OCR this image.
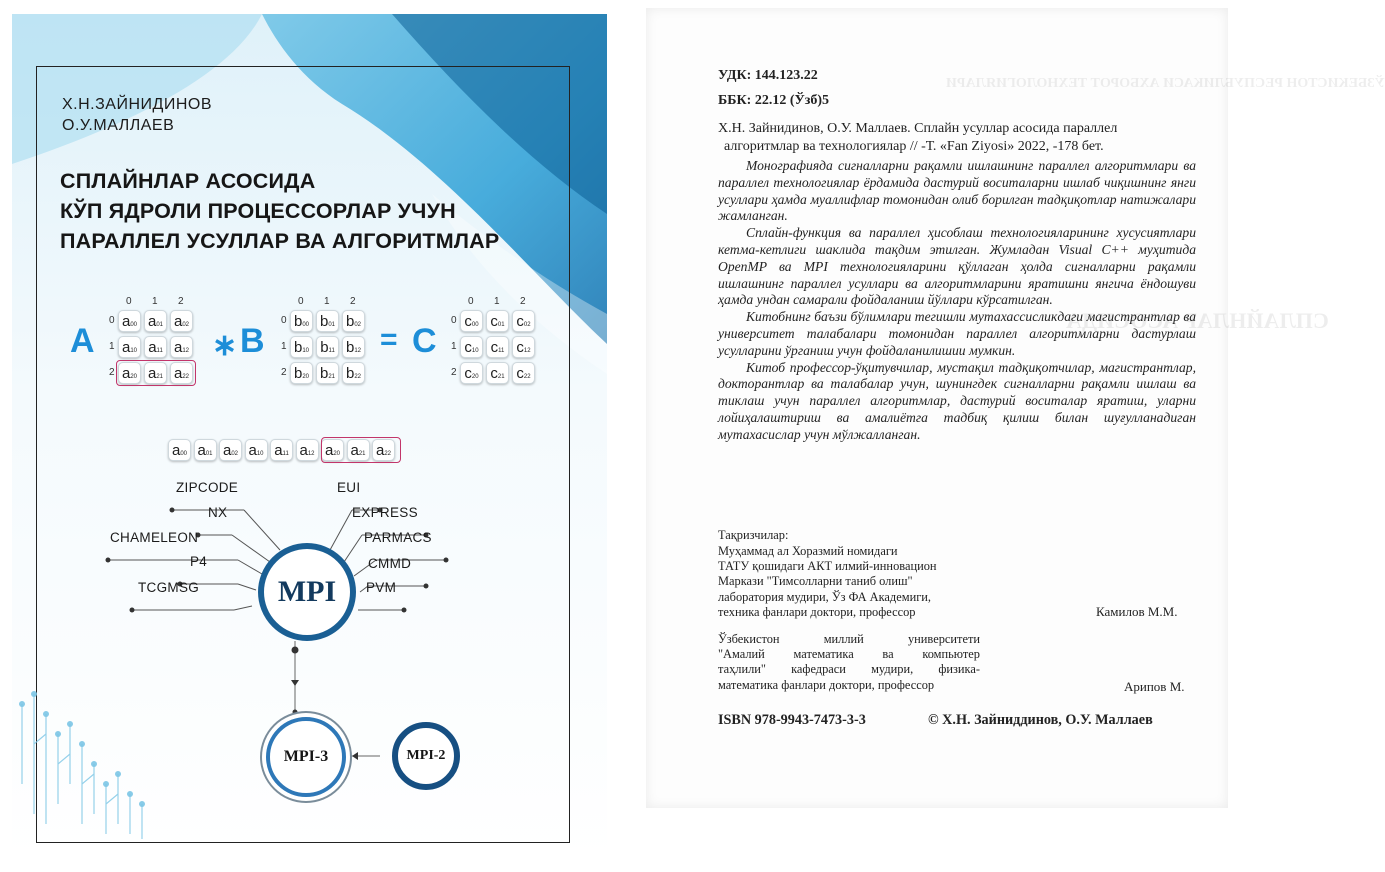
Х.Н.ЗАЙНИДИНОВ
О.У.МАЛЛАЕВ
СПЛАЙНЛАР АСОСИДА
КЎП ЯДРОЛИ ПРОЦЕССОРЛАР УЧУН
ПАРАЛЛЕЛ УСУЛЛАР ВА АЛГОРИТМЛАР
A	∗ B	= C
0
0
1
1
2
2
a 00 a 01 a 02
a 10 a 11 a 12
a 20 a 21 a 22
0
0
1
1
2
2
b 00 b 01 b 02
b 10 b 11 b 12
b 20 b 21 b 22
0
0
1
1
2
2
c 00 c 01 c 02
c 10 c 11 c 12
c 20 c 21 c 22
a 00 a 01 a 02 a 10 a 11 a 12 a 20 a 21 a 22
ZIPCODE
NX
CHAMELEON
P4
TCGMSG
EUI
EXPRESS
PARMACS
CMMD
PVM
MPI
MPI-3	MPI-2
ЎЗБЕКИСТОН РЕСПУБЛИКАСИ АХБОРОТ ТЕХНОЛОГИЯЛАРИ
СПЛАЙНЛАР АСОСИДА
УДК: 144.123.22
ББК: 22.12 (Ўзб)5
Х.Н. Зайнидинов, О.У. Маллаев. Сплайн усуллар асосида параллел
алгоритмлар ва технологиялар // -Т. «Fan Ziyosi» 2022, -178 бет.

Монографияда сигналларни рақамли ишлашнинг параллел алгоритмлари ва параллел технологиялар ёрдамида дастурий воситаларни ишлаб чиқишнинг янги усуллари ҳамда муаллифлар томонидан олиб борилган тадқиқотлар натижалари жамланган.

Сплайн-функция ва параллел ҳисоблаш технологияларининг хусусиятлари кетма-кетлиги шаклида тақдим этилган. Жумладан Visual C++ муҳитида OpenMP ва MPI технологияларини қўллаган ҳолда сигналларни рақамли ишлашнинг параллел усуллари ва алгоритмларини яратишни янгича ёндошуви ҳамда ундан самарали фойдаланиш йўллари кўрсатилган.

Китобнинг баъзи бўлимлари тегишли мутахассисликдаги магистрантлар ва университет талабалари томонидан параллел алгоритмларни дастурлаш усулларини ўрганиш учун фойдаланилишии мумкин.

Китоб профессор-ўқитувчилар, мустақил тадқиқотчилар, магистрантлар, докторантлар ва талабалар учун, шунингдек сигналларни рақамли ишлаш ва тиклаш учун параллел алгоритмлар, дастурий воситалар яратиш, уларни лойиҳалаштириш ва амалиётга тадбиқ қилиш билан шуғулланадиган мутахасислар учун мўлжалланган.

Тақризчилар:
Муҳаммад ал Хоразмий номидаги
ТАТУ қошидаги АКТ илмий-инновацион
Маркази "Тимсолларни таниб олиш"
лаборатория мудири, Ўз ФА Академиги,
техника фанлари доктори, профессор	Камилов М.М.
Ўзбекистон миллий университети
"Амалий математика ва компьютер
таҳлили" кафедраси мудири, физика-
математика фанлари доктори, профессор	Арипов М.
ISBN 978-9943-7473-3-3	© Х.Н. Зайниддинов, О.У. Маллаев
